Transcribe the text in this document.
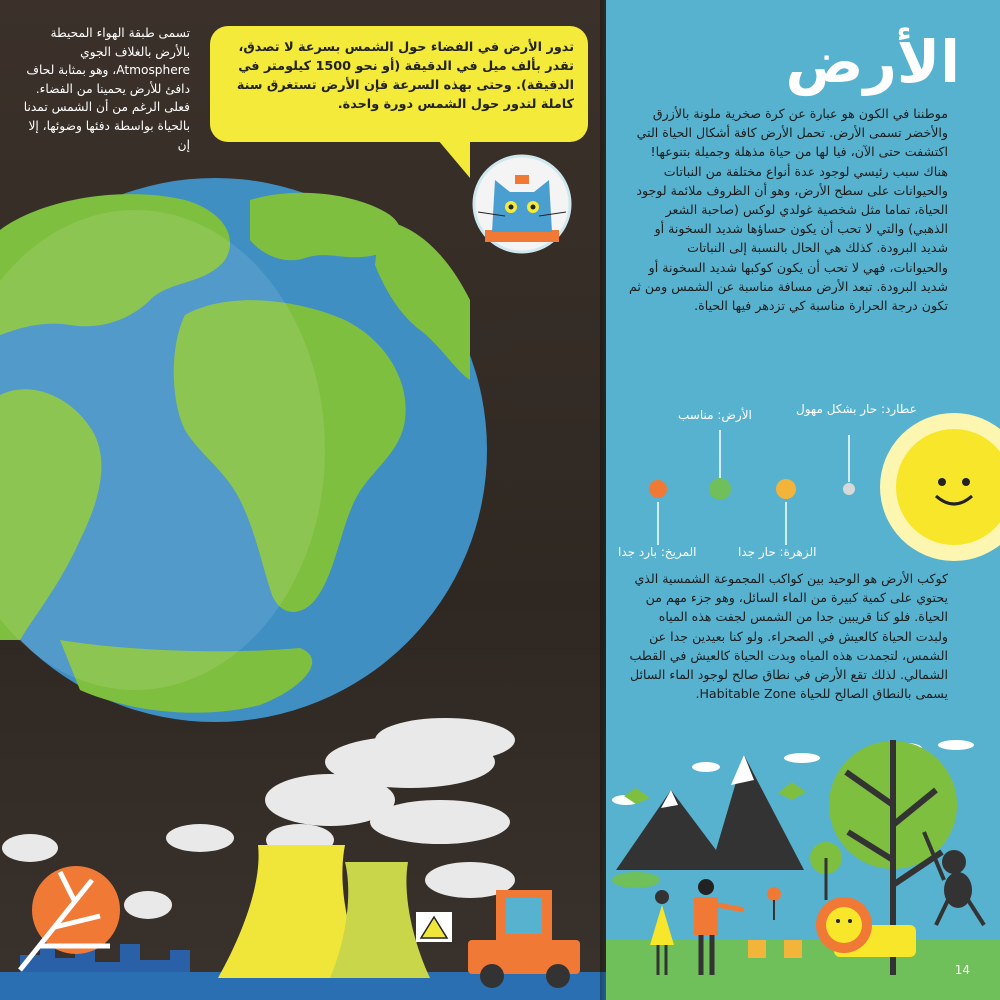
تسمى طبقة الهواء المحيطة بالأرض بالغلاف الجوي Atmosphere، وهو بمثابة لحاف دافئ للأرض يحمينا من الفضاء. فعلى الرغم من أن الشمس تمدنا بالحياة بواسطة دفئها وضوئها، إلا إن
تدور الأرض في الفضاء حول الشمس بسرعة لا تصدق، تقدر بألف ميل في الدقيقة (أو نحو 1500 كيلومتر في الدقيقة). وحتى بهذه السرعة فإن الأرض تستغرق سنة كاملة لتدور حول الشمس دورة واحدة.
الأرض
عطارد: حار بشكل مهول
الأرض: مناسب
الزهرة: حار جدا
المريخ: بارد جدا
14
موطننا في الكون هو عبارة عن كرة صخرية ملونة بالأزرق والأخضر تسمى الأرض. تحمل الأرض كافة أشكال الحياة التي اكتشفت حتى الآن، فيا لها من حياة مذهلة وجميلة بتنوعها! هناك سبب رئيسي لوجود عدة أنواع مختلفة من النباتات والحيوانات على سطح الأرض، وهو أن الظروف ملائمة لوجود الحياة، تماما مثل شخصية غولدي لوكس (صاحبة الشعر الذهبي) والتي لا تحب أن يكون حساؤها شديد السخونة أو شديد البرودة. كذلك هي الحال بالنسبة إلى النباتات والحيوانات، فهي لا تحب أن يكون كوكبها شديد السخونة أو شديد البرودة. تبعد الأرض مسافة مناسبة عن الشمس ومن ثم تكون درجة الحرارة مناسبة كي تزدهر فيها الحياة.
كوكب الأرض هو الوحيد بين كواكب المجموعة الشمسية الذي يحتوي على كمية كبيرة من الماء السائل، وهو جزء مهم من الحياة. فلو كنا قريبين جدا من الشمس لجفت هذه المياه ولبدت الحياة كالعيش في الصحراء. ولو كنا بعيدين جدا عن الشمس، لتجمدت هذه المياه وبدت الحياة كالعيش في القطب الشمالي. لذلك تقع الأرض في نطاق صالح لوجود الماء السائل يسمى بالنطاق الصالح للحياة Habitable Zone.
